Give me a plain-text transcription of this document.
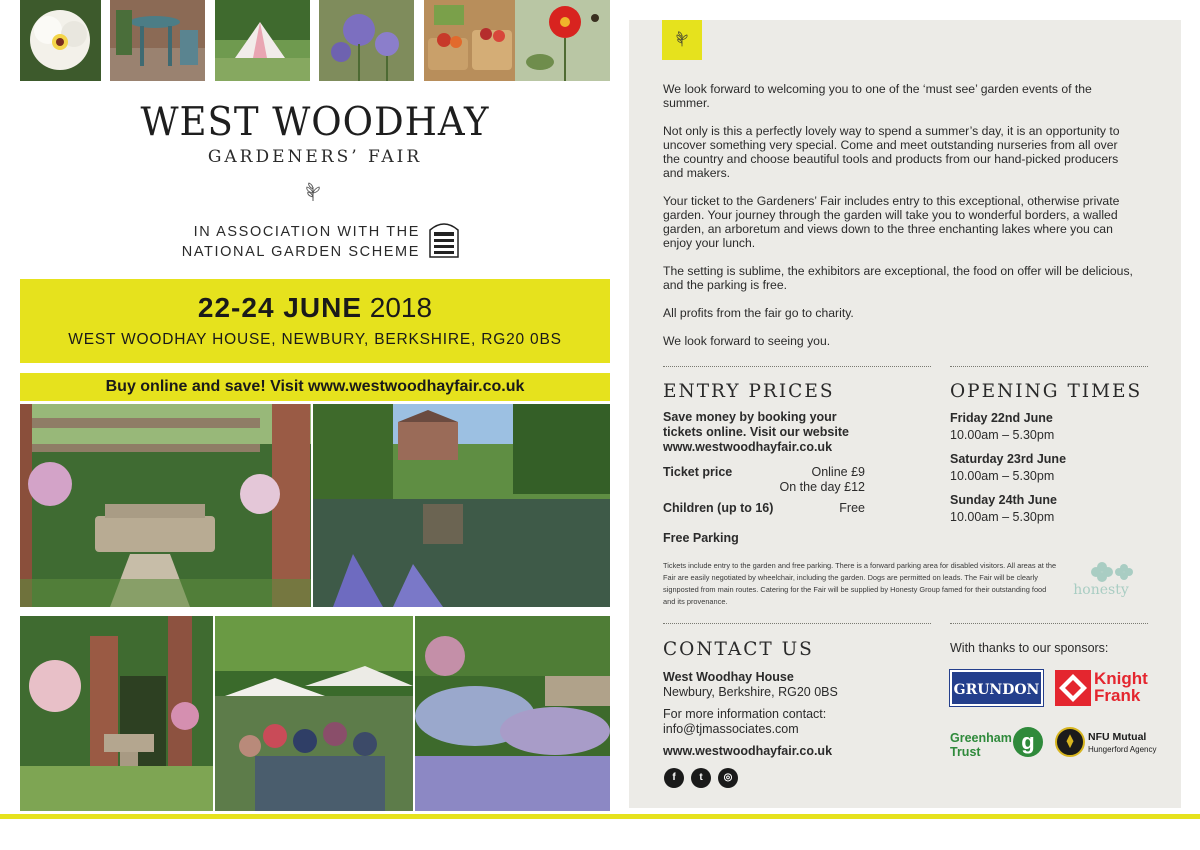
WEST WOODHAY
GARDENERS’ FAIR
IN ASSOCIATION WITH THE
NATIONAL GARDEN SCHEME
22-24 JUNE 2018
WEST WOODHAY HOUSE, NEWBURY, BERKSHIRE, RG20 0BS
Buy online and save! Visit www.westwoodhayfair.co.uk

We look forward to welcoming you to one of the ‘must see’ garden events of the summer.

Not only is this a perfectly lovely way to spend a summer’s day, it is an opportunity to uncover something very special. Come and meet outstanding nurseries from all over the country and choose beautiful tools and products from our hand-picked producers and makers.

Your ticket to the Gardeners’ Fair includes entry to this exceptional, otherwise private garden. Your journey through the garden will take you to wonderful borders, a walled garden, an arboretum and views down to the three enchanting lakes where you can enjoy your lunch.

The setting is sublime, the exhibitors are exceptional, the food on offer will be delicious, and the parking is free.

All profits from the fair go to charity.

We look forward to seeing you.

ENTRY PRICES
Save money by booking your tickets online. Visit our website www.westwoodhayfair.co.uk
Ticket price	Online £9
On the day £12
Children (up to 16)	Free
Free Parking
Tickets include entry to the garden and free parking. There is a forward parking area for disabled visitors. All areas at the Fair are easily negotiated by wheelchair, including the garden. Dogs are permitted on leads. The Fair will be clearly signposted from main routes. Catering for the Fair will be supplied by Honesty Group famed for their outstanding food and its provenance.
honesty
OPENING TIMES
Friday 22nd June
10.00am – 5.30pm
Saturday 23rd June
10.00am – 5.30pm
Sunday 24th June
10.00am – 5.30pm
CONTACT US
West Woodhay House
Newbury, Berkshire, RG20 0BS
For more information contact:
info@tjmassociates.com
www.westwoodhayfair.co.uk
f	t	◎
With thanks to our sponsors:
GRUNDON
Knight
Frank
Greenham
Trust	g	NFU Mutual
Hungerford Agency
